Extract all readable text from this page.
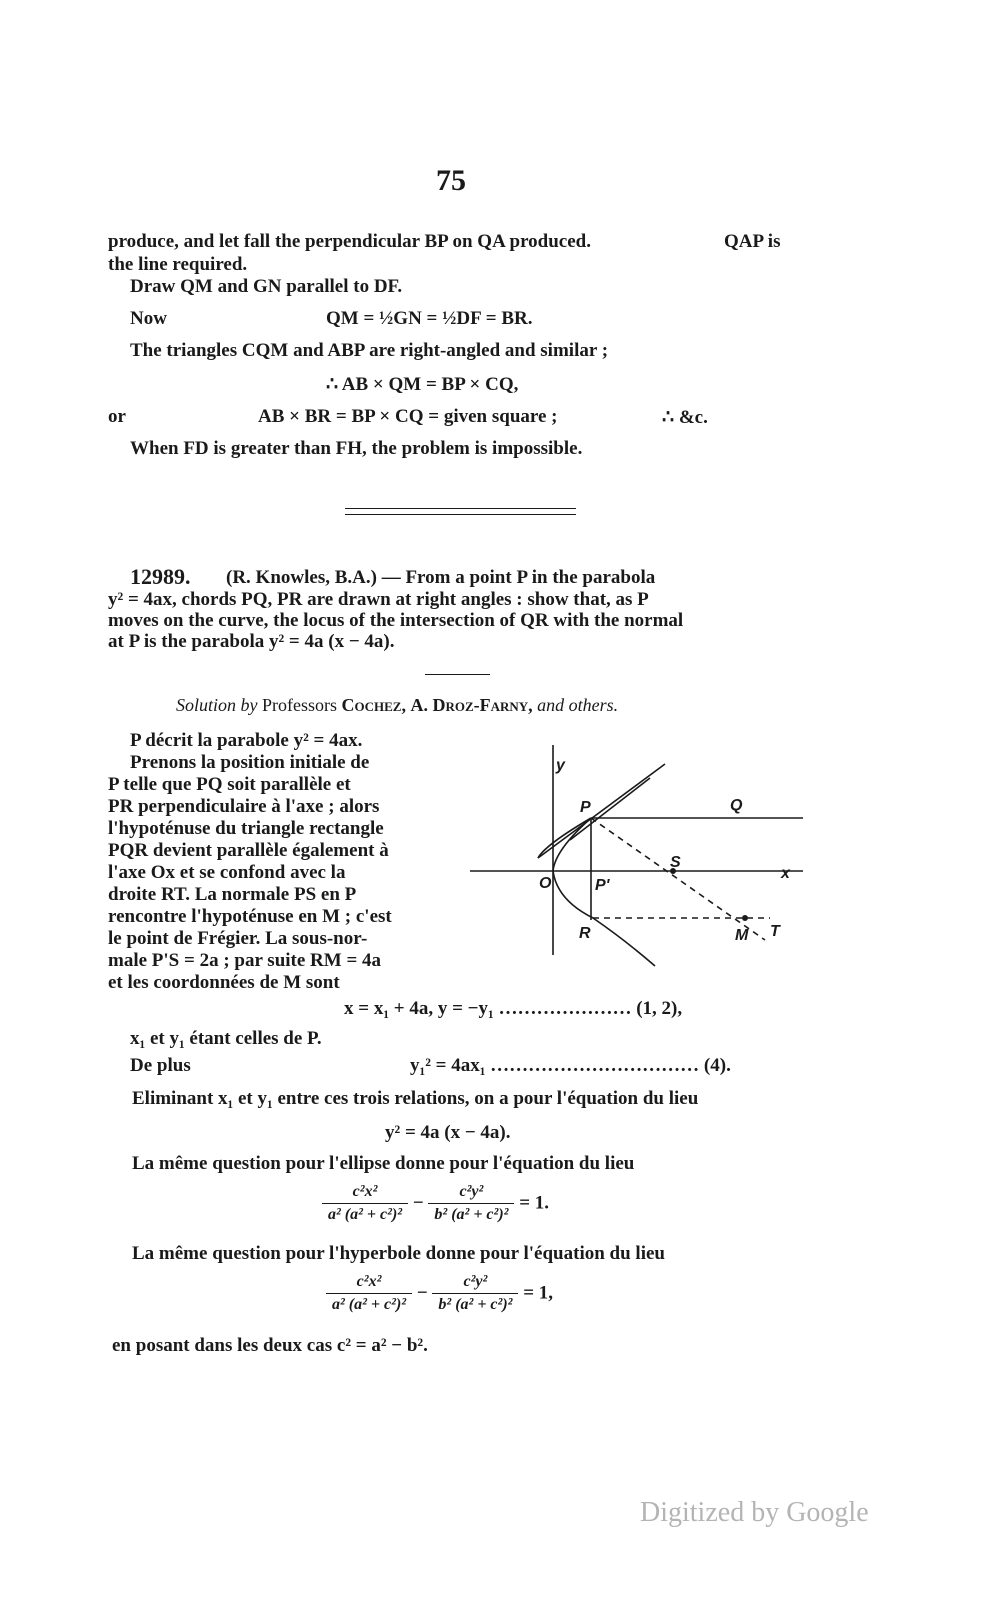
75
produce, and let fall the perpendicular BP on QA produced.	QAP is
the line required.
Draw QM and GN parallel to DF.
Now	QM = ½GN = ½DF = BR.
The triangles CQM and ABP are right-angled and similar ;
∴ AB × QM = BP × CQ,
or	AB × BR = BP × CQ = given square ;	∴ &c.
When FD is greater than FH, the problem is impossible.
12989. (R. Knowles, B.A.) — From a point P in the parabola
y² = 4ax, chords PQ, PR are drawn at right angles : show that, as P
moves on the curve, the locus of the intersection of QR with the normal
at P is the parabola y² = 4a (x − 4a).
Solution by Professors Cochez, A. Droz-Farny, and others.
P décrit la parabole y² = 4ax.
Prenons la position initiale de
P telle que PQ soit parallèle et
PR perpendiculaire à l'axe ; alors
l'hypoténuse du triangle rectangle
PQR devient parallèle également à
l'axe Ox et se confond avec la
droite RT. La normale PS en P
rencontre l'hypoténuse en M ; c'est
le point de Frégier. La sous-nor-
male P'S = 2a ; par suite RM = 4a
et les coordonnées de M sont
y
P	Q
S
x
O	P'
R	M T
x = x₁ + 4a, y = −y₁ ………………… (1, 2),
x₁ et y₁ étant celles de P.
De plus	y₁² = 4ax₁ …………………………… (4).
Eliminant x₁ et y₁ entre ces trois relations, on a pour l'équation du lieu
y² = 4a (x − 4a).
La même question pour l'ellipse donne pour l'équation du lieu
$\frac{\text{c²x²}}{\text{a² (a² + c²)²}} - \frac{\text{c²y²}}{\text{b² (a² + c²)²}} = 1$.
La même question pour l'hyperbole donne pour l'équation du lieu
$\frac{\text{c²x²}}{\text{a² (a² + c²)²}} - \frac{\text{c²y²}}{\text{b² (a² + c²)²}} = 1$,
en posant dans les deux cas c² = a² − b².
Digitized by Google
